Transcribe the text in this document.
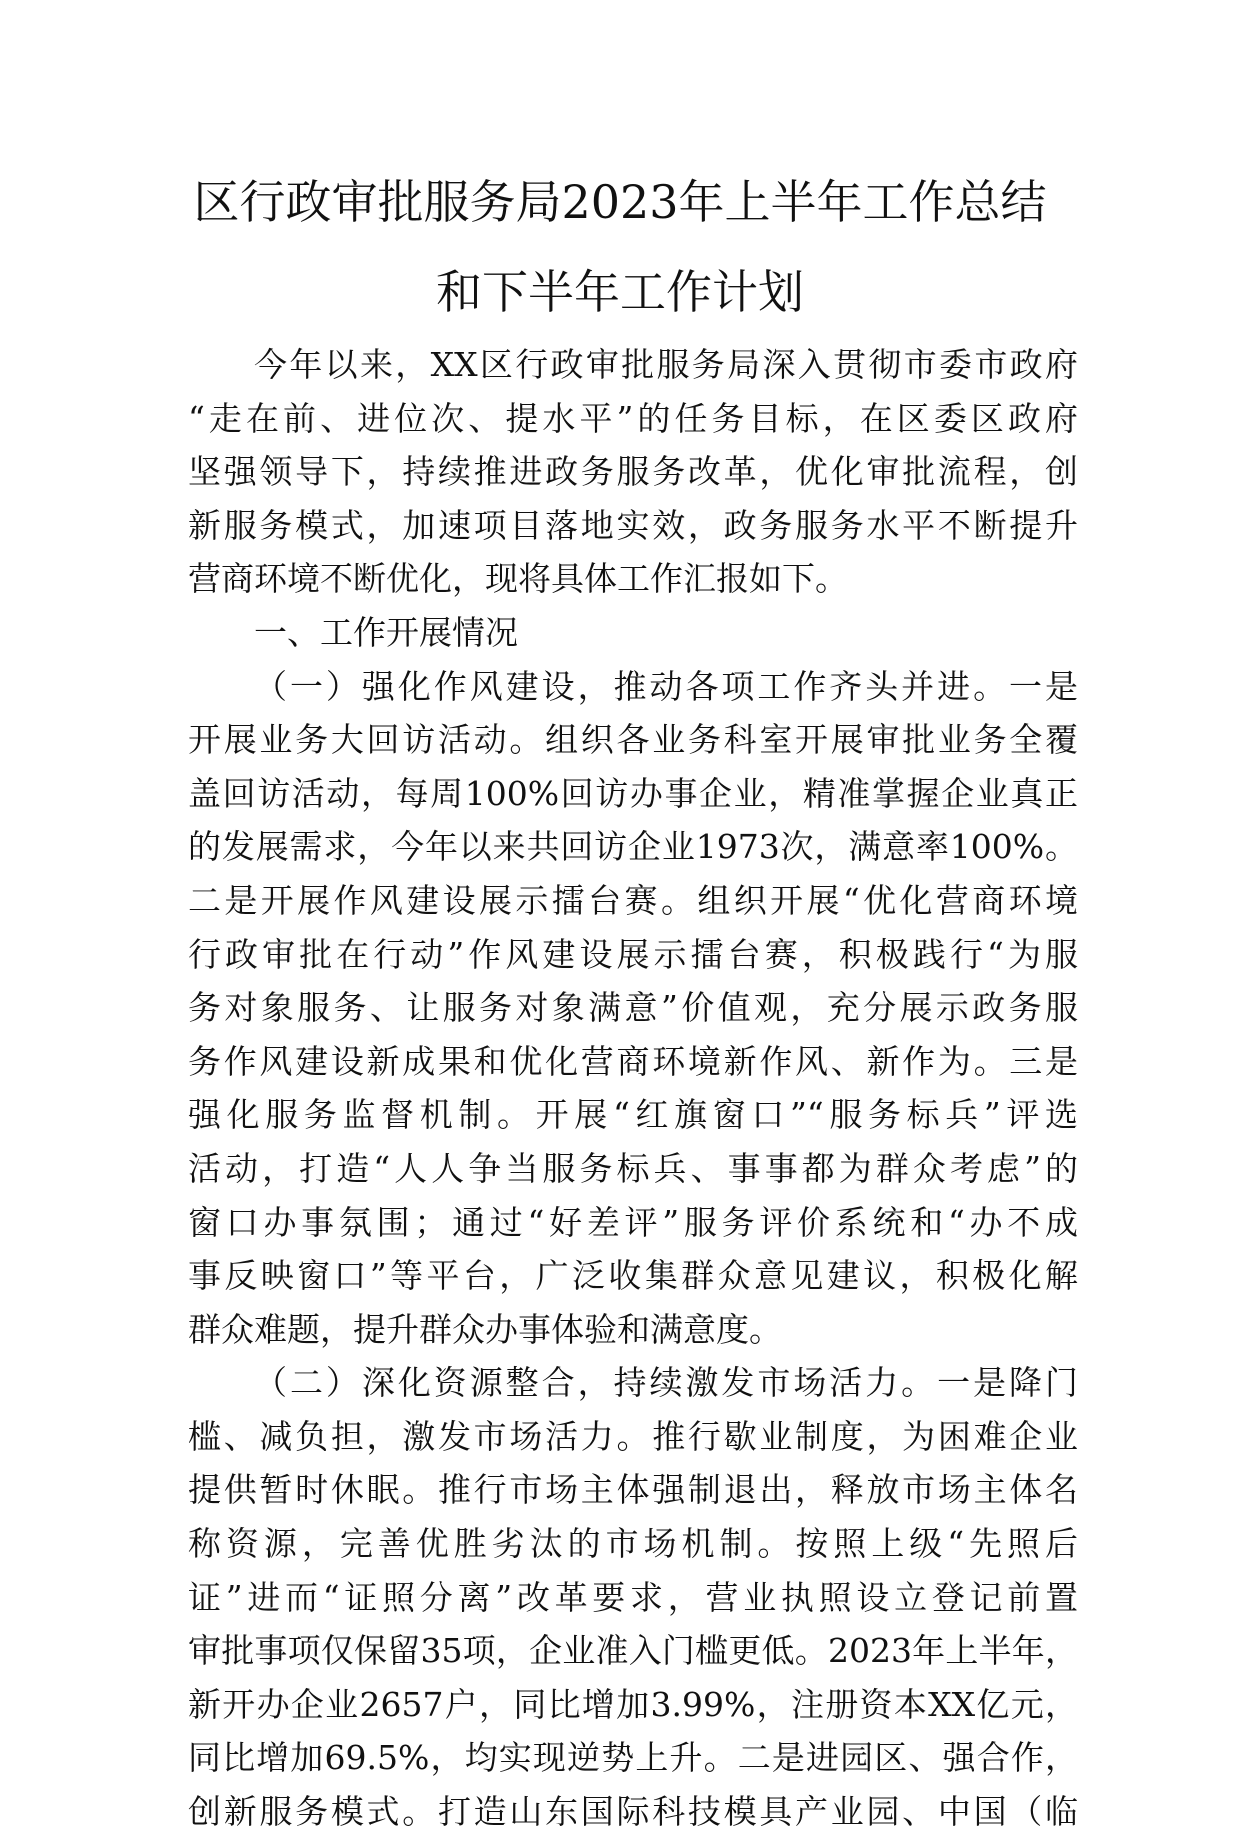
区行政审批服务局2023年上半年工作总结
和下半年工作计划
今年以来，XX区行政审批服务局深入贯彻市委市政府
“走在前、进位次、提水平”的任务目标，在区委区政府
坚强领导下，持续推进政务服务改革，优化审批流程，创
新服务模式，加速项目落地实效，政务服务水平不断提升
营商环境不断优化，现将具体工作汇报如下。
一、工作开展情况
（一）强化作风建设，推动各项工作齐头并进。一是
开展业务大回访活动。组织各业务科室开展审批业务全覆
盖回访活动，每周100%回访办事企业，精准掌握企业真正
的发展需求，今年以来共回访企业1973次，满意率100%。
二是开展作风建设展示擂台赛。组织开展“优化营商环境
行政审批在行动”作风建设展示擂台赛，积极践行“为服
务对象服务、让服务对象满意”价值观，充分展示政务服
务作风建设新成果和优化营商环境新作风、新作为。三是
强化服务监督机制。开展“红旗窗口”“服务标兵”评选
活动，打造“人人争当服务标兵、事事都为群众考虑”的
窗口办事氛围；通过“好差评”服务评价系统和“办不成
事反映窗口”等平台，广泛收集群众意见建议，积极化解
群众难题，提升群众办事体验和满意度。
（二）深化资源整合，持续激发市场活力。一是降门
槛、减负担，激发市场活力。推行歇业制度，为困难企业
提供暂时休眠。推行市场主体强制退出，释放市场主体名
称资源，完善优胜劣汰的市场机制。按照上级“先照后
证”进而“证照分离”改革要求，营业执照设立登记前置
审批事项仅保留35项，企业准入门槛更低。2023年上半年，
新开办企业2657户，同比增加3.99%，注册资本XX亿元，
同比增加69.5%，均实现逆势上升。二是进园区、强合作，
创新服务模式。打造山东国际科技模具产业园、中国（临
